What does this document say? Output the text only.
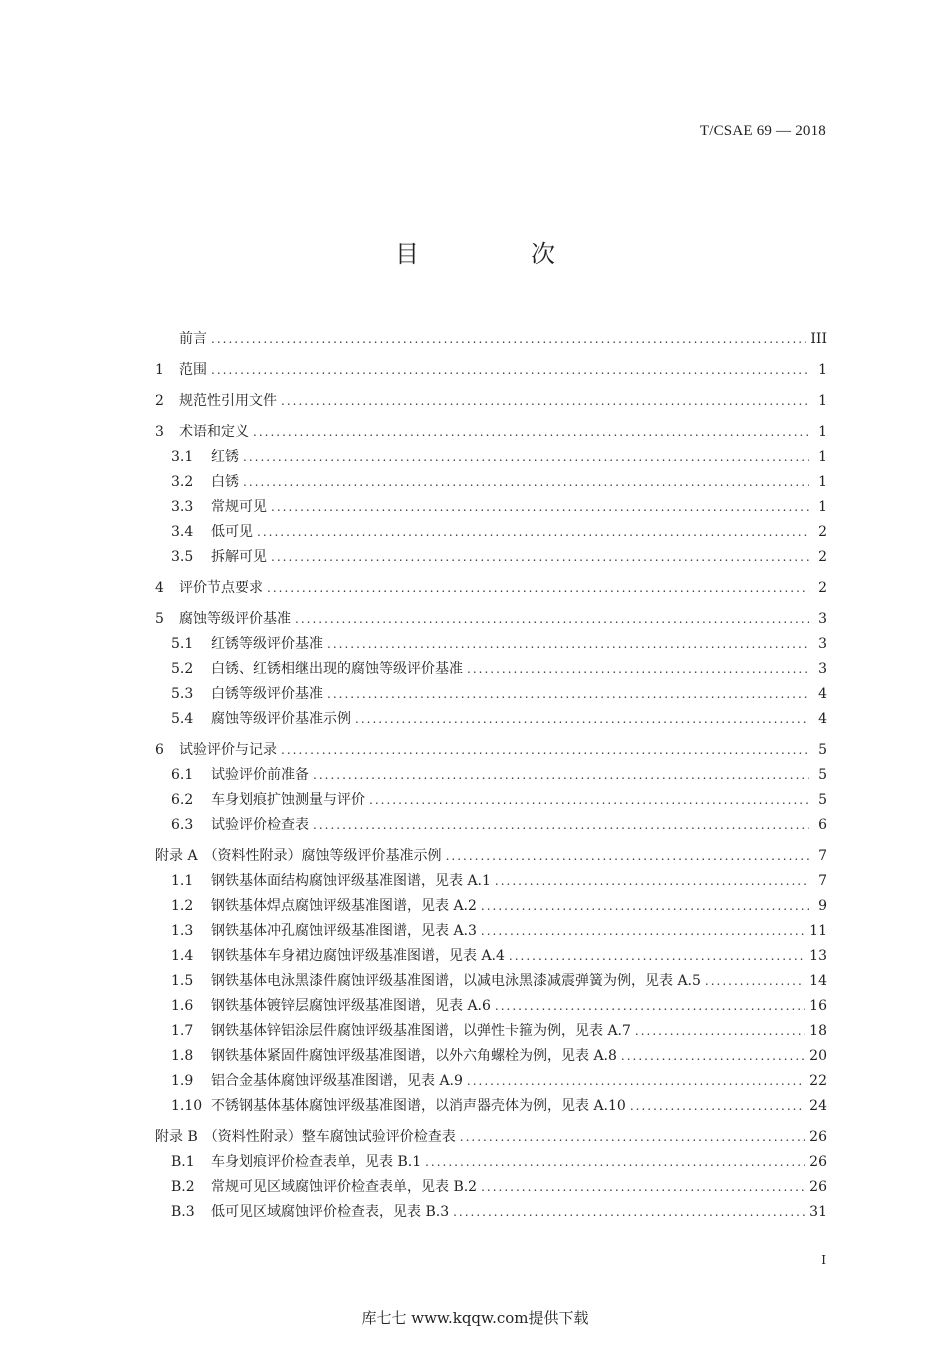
T/CSAE 69 — 2018
目　次
前言 .....	III
1	范围 .....	1
2	规范性引用文件 .....	1
3	术语和定义 .....	1
3.1	红锈 .....	1
3.2	白锈 .....	1
3.3	常规可见 .....	1
3.4	低可见 .....	2
3.5	拆解可见 .....	2
4	评价节点要求 .....	2
5	腐蚀等级评价基准 .....	3
5.1	红锈等级评价基准 .....	3
5.2	白锈、红锈相继出现的腐蚀等级评价基准 .....	3
5.3	白锈等级评价基准 .....	4
5.4	腐蚀等级评价基准示例 .....	4
6	试验评价与记录 .....	5
6.1	试验评价前准备 .....	5
6.2	车身划痕扩蚀测量与评价 .....	5
6.3	试验评价检查表 .....	6
附录 A （资料性附录）腐蚀等级评价基准示例 .....	7
1.1	钢铁基体面结构腐蚀评级基准图谱，见表 A.1 .....	7
1.2	钢铁基体焊点腐蚀评级基准图谱，见表 A.2 .....	9
1.3	钢铁基体冲孔腐蚀评级基准图谱，见表 A.3 .....	11
1.4	钢铁基体车身裙边腐蚀评级基准图谱，见表 A.4 .....	13
1.5	钢铁基体电泳黑漆件腐蚀评级基准图谱，以减电泳黑漆减震弹簧为例，见表 A.5 .....	14
1.6	钢铁基体镀锌层腐蚀评级基准图谱，见表 A.6 .....	16
1.7	钢铁基体锌铝涂层件腐蚀评级基准图谱，以弹性卡箍为例，见表 A.7 .....	18
1.8	钢铁基体紧固件腐蚀评级基准图谱，以外六角螺栓为例，见表 A.8 .....	20
1.9	铝合金基体腐蚀评级基准图谱，见表 A.9 .....	22
1.10 不锈钢基体基体腐蚀评级基准图谱，以消声器壳体为例，见表 A.10 .....	24
附录 B （资料性附录）整车腐蚀试验评价检查表 .....	26
B.1	车身划痕评价检查表单，见表 B.1 .....	26
B.2	常规可见区域腐蚀评价检查表单，见表 B.2 .....	26
B.3	低可见区域腐蚀评价检查表，见表 B.3 .....	31
I
库七七 www.kqqw.com提供下载
